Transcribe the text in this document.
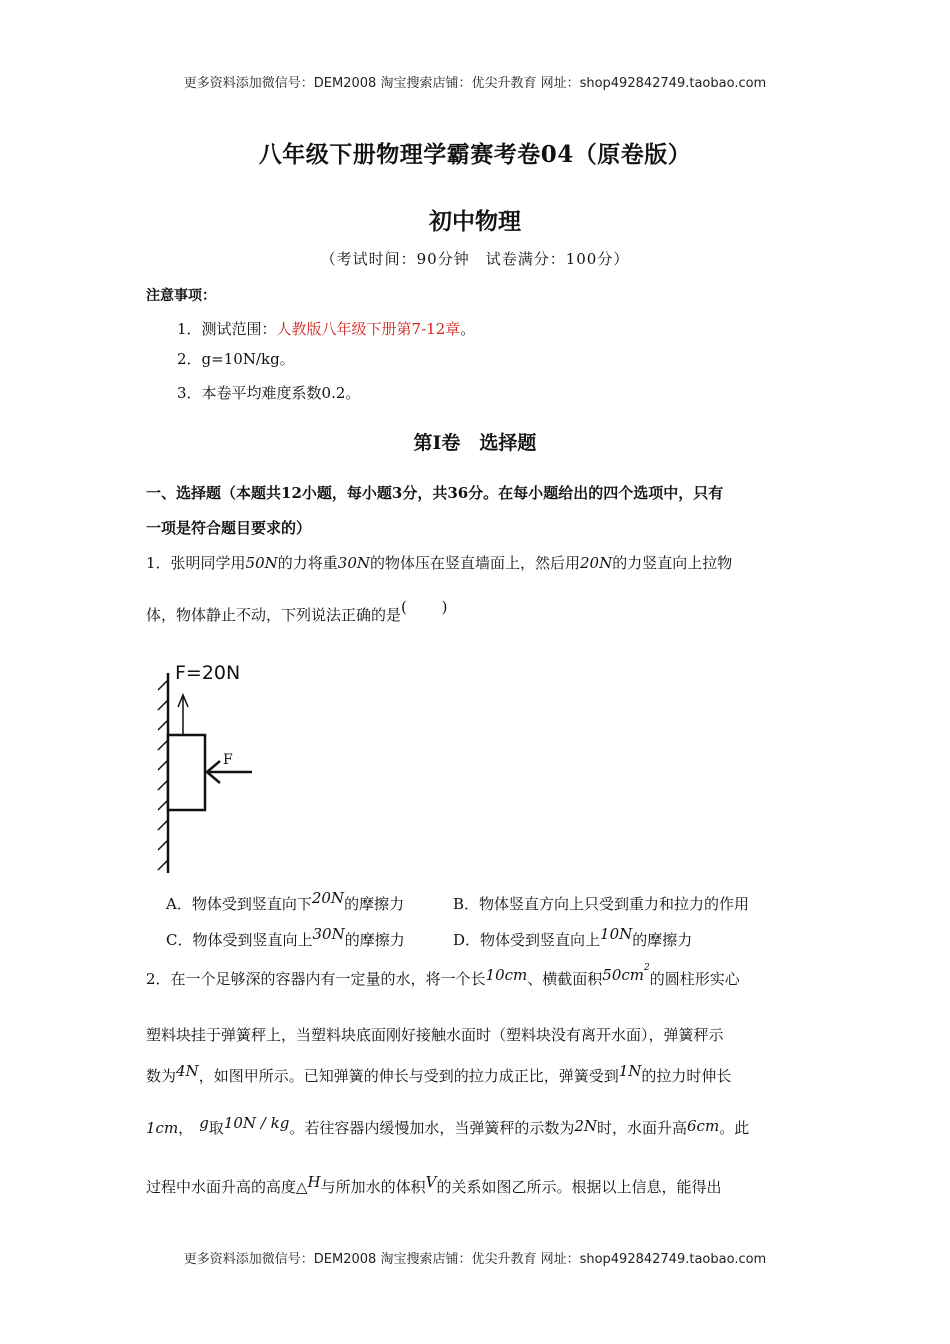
更多资料添加微信号：DEM2008 淘宝搜索店铺：优尖升教育 网址：shop492842749.taobao.com
八年级下册物理学霸赛考卷04（原卷版）
初中物理
（考试时间：90分钟　试卷满分：100分）
注意事项：
1．测试范围：人教版八年级下册第7-12章。
2．g=10N/kg。
3．本卷平均难度系数0.2。
第Ⅰ卷　选择题
一、选择题（本题共12小题，每小题3分，共36分。在每小题给出的四个选项中，只有
一项是符合题目要求的）
1．张明同学用50N的力将重30N的物体压在竖直墙面上，然后用20N的力竖直向上拉物
体，物体静止不动，下列说法正确的是(　　 )
F=20N
F
A．物体受到竖直向下20N的摩擦力	B．物体竖直方向上只受到重力和拉力的作用
C．物体受到竖直向上30N的摩擦力	D．物体受到竖直向上10N的摩擦力
2．在一个足够深的容器内有一定量的水，将一个长10cm、横截面积$50cm^2$的圆柱形实心
塑料块挂于弹簧秤上，当塑料块底面刚好接触水面时（塑料块没有离开水面），弹簧秤示
数为4N，如图甲所示。已知弹簧的伸长与受到的拉力成正比，弹簧受到1N的拉力时伸长
1cm， g取10N / kg。若往容器内缓慢加水，当弹簧秤的示数为2N时，水面升高6cm。此
过程中水面升高的高度△H与所加水的体积V的关系如图乙所示。根据以上信息，能得出
更多资料添加微信号：DEM2008 淘宝搜索店铺：优尖升教育 网址：shop492842749.taobao.com
